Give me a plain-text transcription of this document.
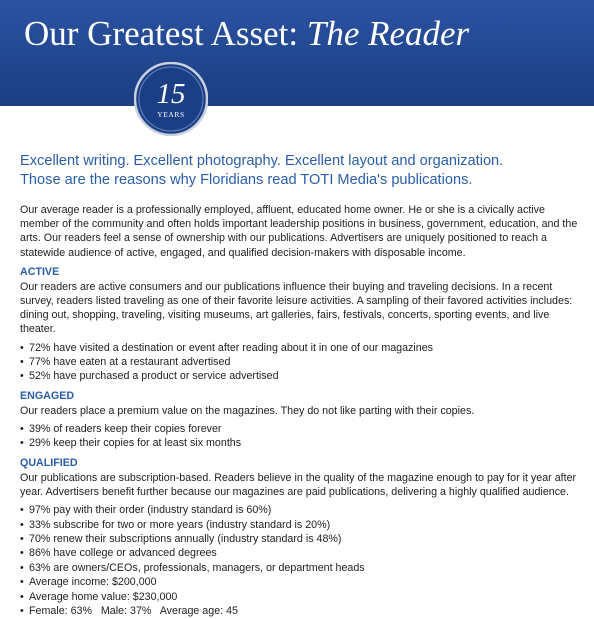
Our Greatest Asset: The Reader
15
YEARS
Excellent writing. Excellent photography. Excellent layout and organization.
Those are the reasons why Floridians read TOTI Media's publications.

Our average reader is a professionally employed, affluent, educated home owner. He or she is a civically active member of the community and often holds important leadership positions in business, government, education, and the arts. Our readers feel a sense of ownership with our publications. Advertisers are uniquely positioned to reach a statewide audience of active, engaged, and qualified decision-makers with disposable income.

ACTIVE

Our readers are active consumers and our publications influence their buying and traveling decisions. In a recent survey, readers listed traveling as one of their favorite leisure activities. A sampling of their favored activities includes: dining out, shopping, traveling, visiting museums, art galleries, fairs, festivals, concerts, sporting events, and live theater.

• 72% have visited a destination or event after reading about it in one of our magazines
• 77% have eaten at a restaurant advertised
• 52% have purchased a product or service advertised
ENGAGED

Our readers place a premium value on the magazines. They do not like parting with their copies.

• 39% of readers keep their copies forever
• 29% keep their copies for at least six months
QUALIFIED

Our publications are subscription-based. Readers believe in the quality of the magazine enough to pay for it year after year. Advertisers benefit further because our magazines are paid publications, delivering a highly qualified audience.

• 97% pay with their order (industry standard is 60%)
• 33% subscribe for two or more years (industry standard is 20%)
• 70% renew their subscriptions annually (industry standard is 48%)
• 86% have college or advanced degrees
• 63% are owners/CEOs, professionals, managers, or department heads
• Average income: $200,000
• Average home value: $230,000
• Female: 63% Male: 37% Average age: 45
